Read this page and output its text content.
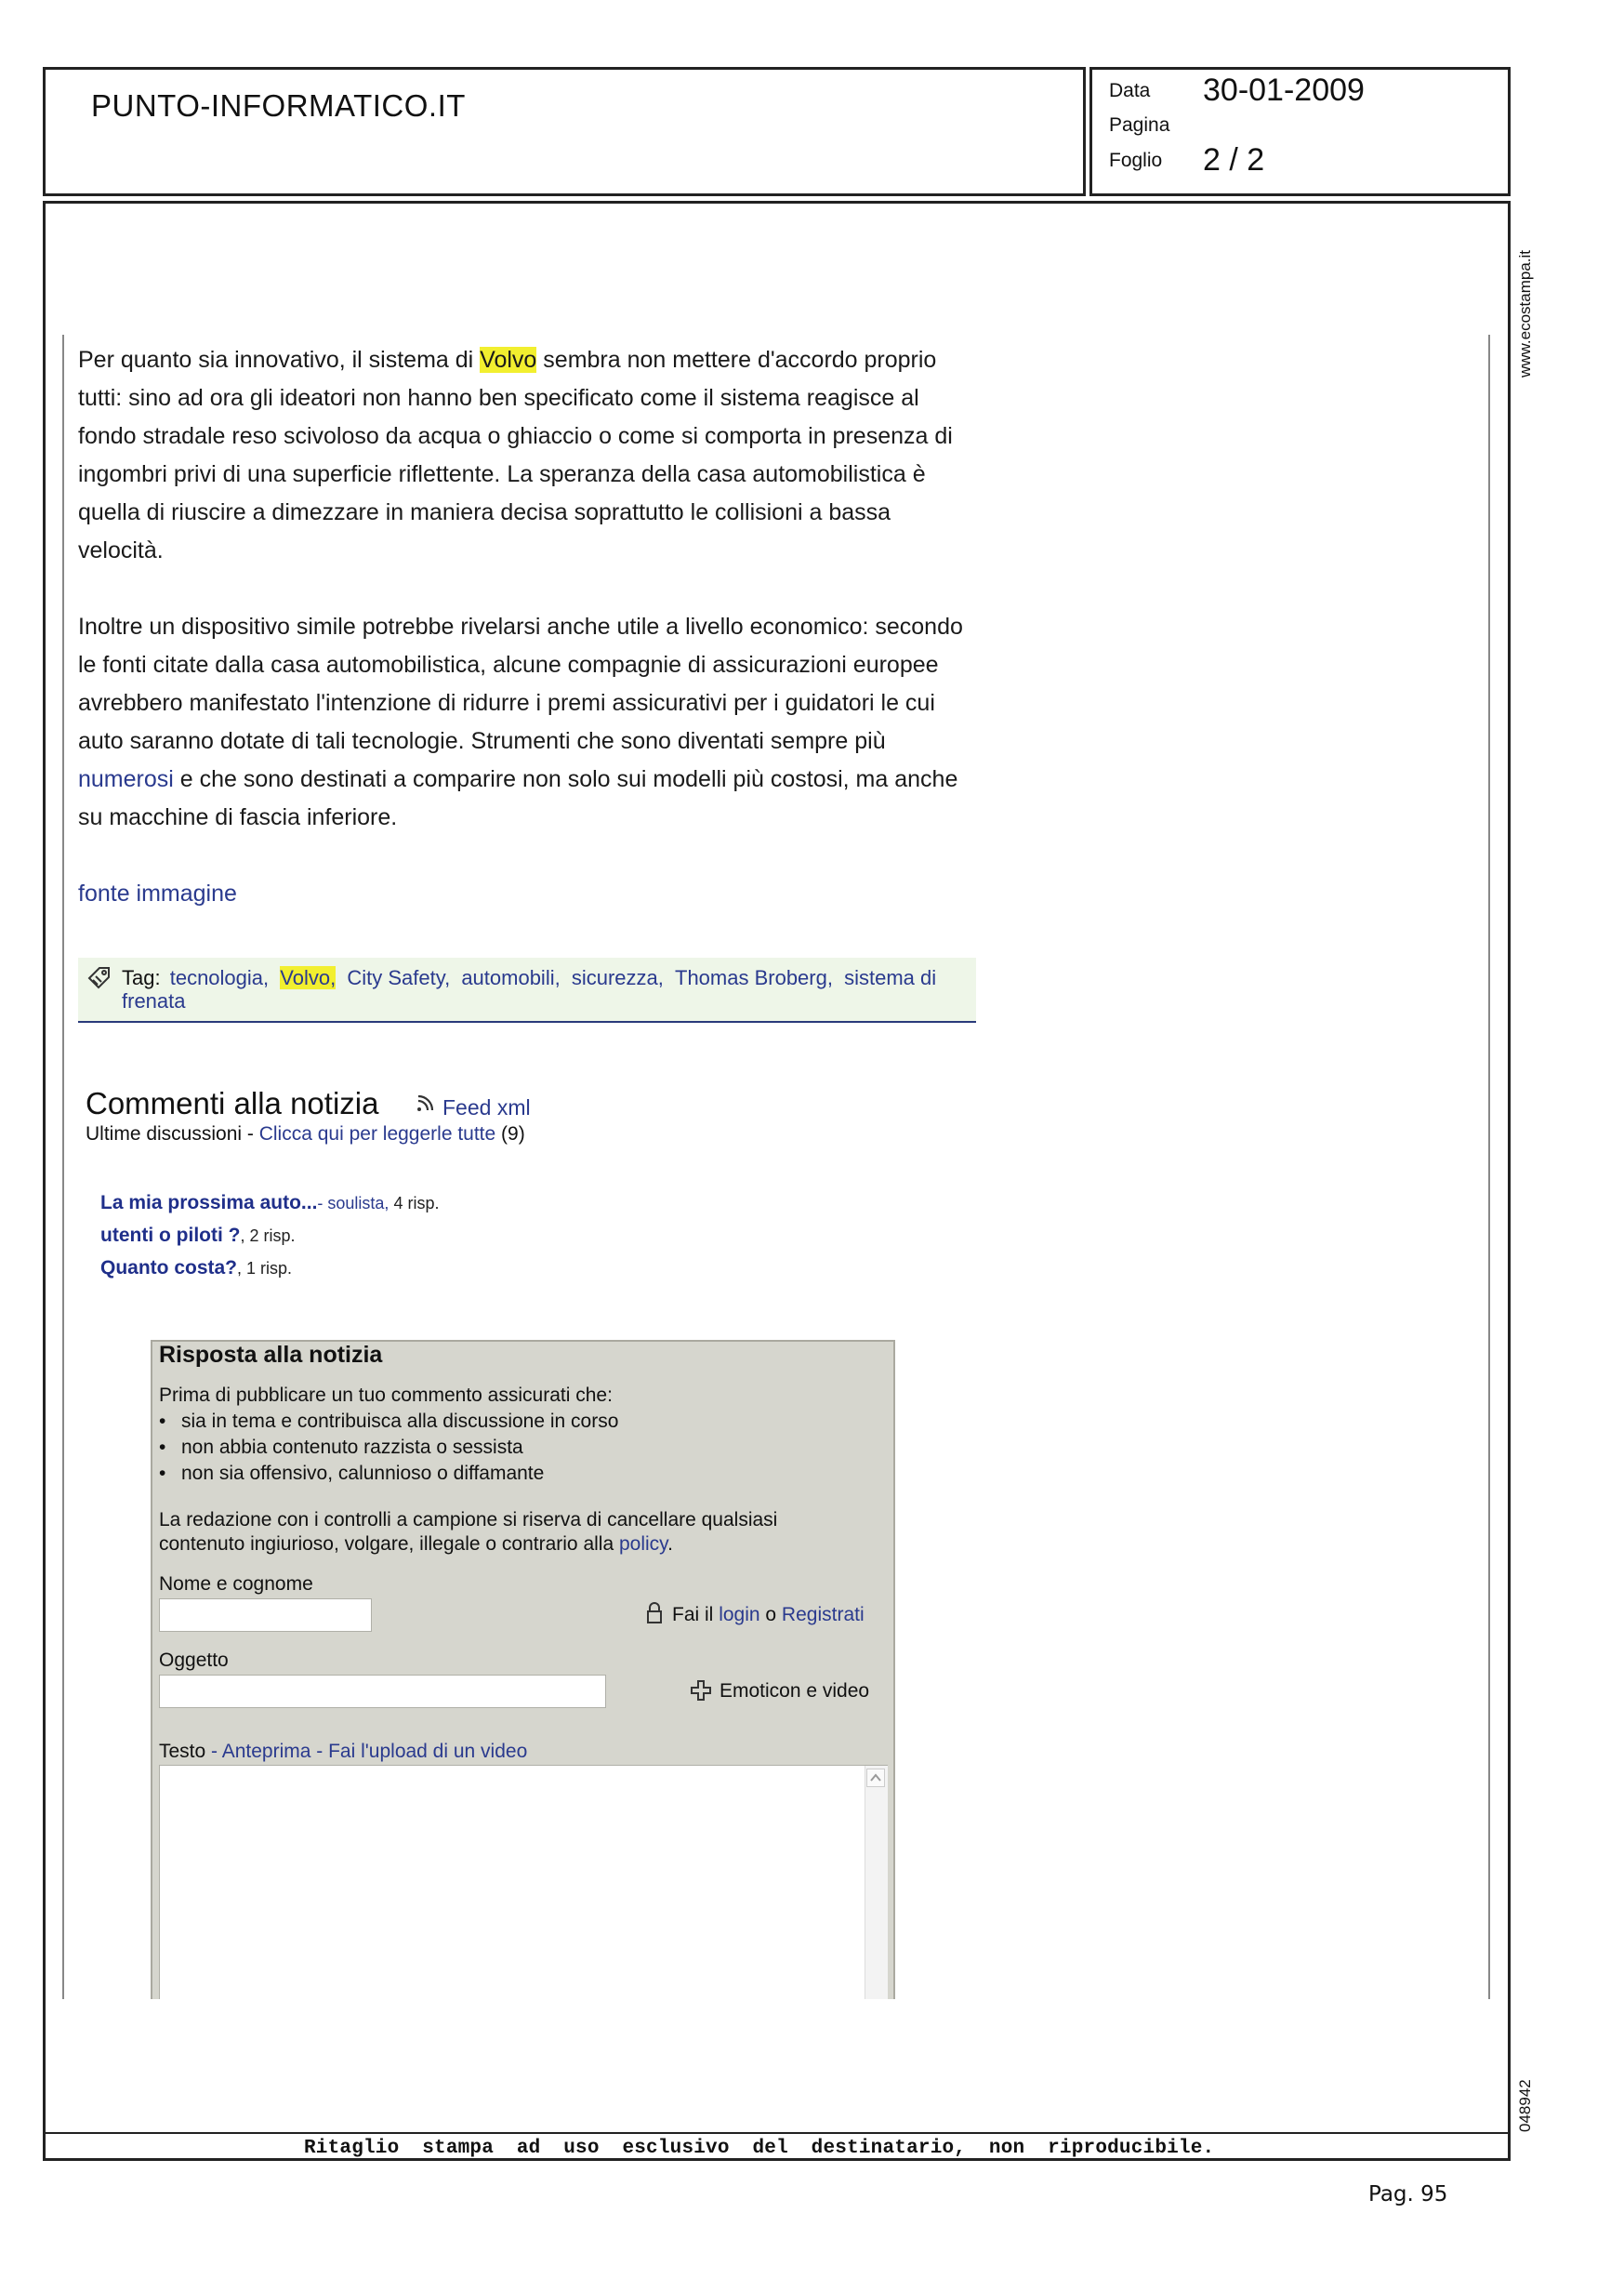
PUNTO-INFORMATICO.IT	Data 30-01-2009
Pagina
Foglio 2 / 2
www.ecostampa.it
048942
Per quanto sia innovativo, il sistema di Volvo sembra non mettere d'accordo proprio tutti: sino ad ora gli ideatori non hanno ben specificato come il sistema reagisce al fondo stradale reso scivoloso da acqua o ghiaccio o come si comporta in presenza di ingombri privi di una superficie riflettente. La speranza della casa automobilistica è quella di riuscire a dimezzare in maniera decisa soprattutto le collisioni a bassa velocità.
Inoltre un dispositivo simile potrebbe rivelarsi anche utile a livello economico: secondo le fonti citate dalla casa automobilistica, alcune compagnie di assicurazioni europee avrebbero manifestato l'intenzione di ridurre i premi assicurativi per i guidatori le cui auto saranno dotate di tali tecnologie. Strumenti che sono diventati sempre più numerosi e che sono destinati a comparire non solo sui modelli più costosi, ma anche su macchine di fascia inferiore.
fonte immagine
Tag: tecnologia, Volvo, City Safety, automobili, sicurezza, Thomas Broberg, sistema di frenata
Commenti alla notizia	Feed xml
Ultime discussioni - Clicca qui per leggerle tutte (9)
La mia prossima auto...- soulista, 4 risp.
utenti o piloti ?, 2 risp.
Quanto costa?, 1 risp.
Risposta alla notizia
Prima di pubblicare un tuo commento assicurati che:
• sia in tema e contribuisca alla discussione in corso
• non abbia contenuto razzista o sessista
• non sia offensivo, calunnioso o diffamante
La redazione con i controlli a campione si riserva di cancellare qualsiasi contenuto ingiurioso, volgare, illegale o contrario alla policy.
Nome e cognome
Fai il login o Registrati
Oggetto
Emoticon e video
Testo - Anteprima - Fai l'upload di un video
Ritaglio stampa ad uso esclusivo del destinatario, non riproducibile.
Pag. 95
